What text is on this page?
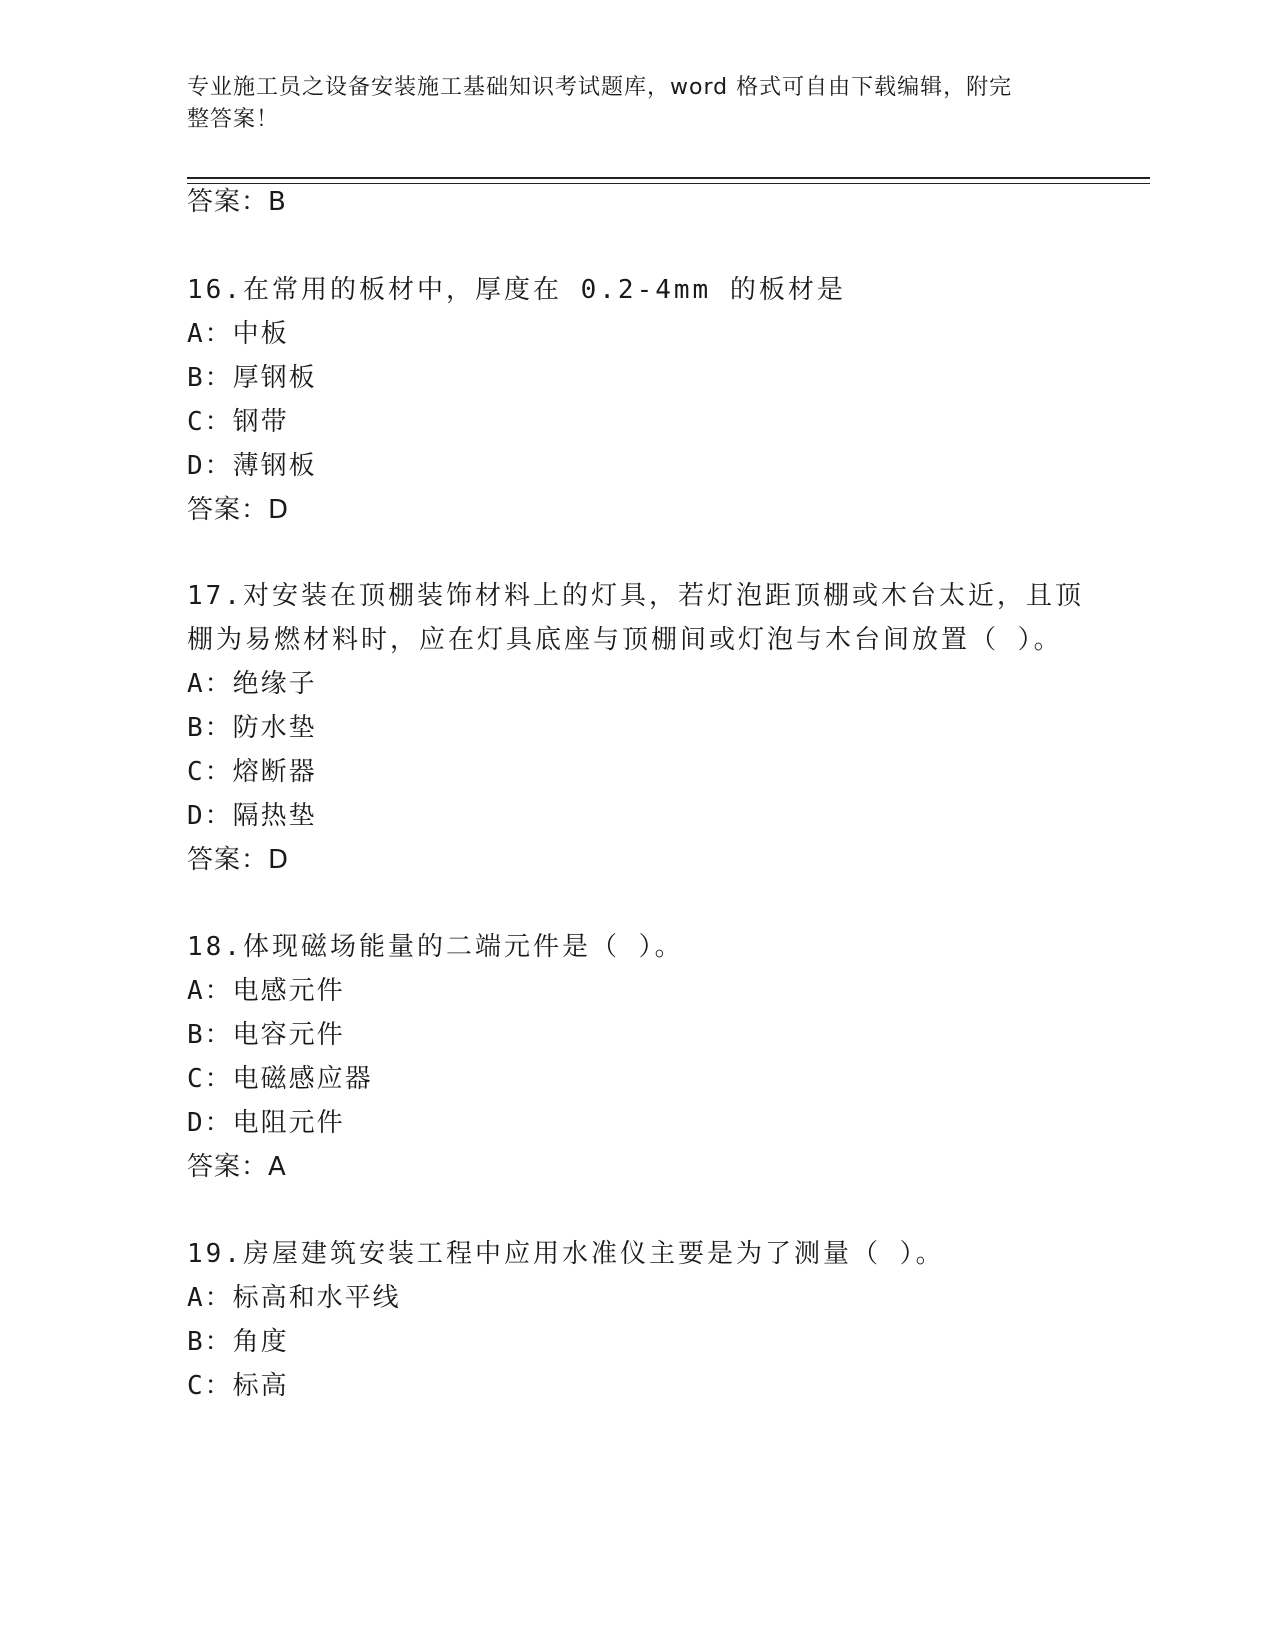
专业施工员之设备安装施工基础知识考试题库，word 格式可自由下载编辑，附完
整答案！
答案：B
16.在常用的板材中，厚度在 0.2-4mm 的板材是
A：中板
B：厚钢板
C：钢带
D：薄钢板
答案：D
17.对安装在顶棚装饰材料上的灯具，若灯泡距顶棚或木台太近，且顶
棚为易燃材料时，应在灯具底座与顶棚间或灯泡与木台间放置（ ）。
A：绝缘子
B：防水垫
C：熔断器
D：隔热垫
答案：D
18.体现磁场能量的二端元件是（ ）。
A：电感元件
B：电容元件
C：电磁感应器
D：电阻元件
答案：A
19.房屋建筑安装工程中应用水准仪主要是为了测量（ ）。
A：标高和水平线
B：角度
C：标高
